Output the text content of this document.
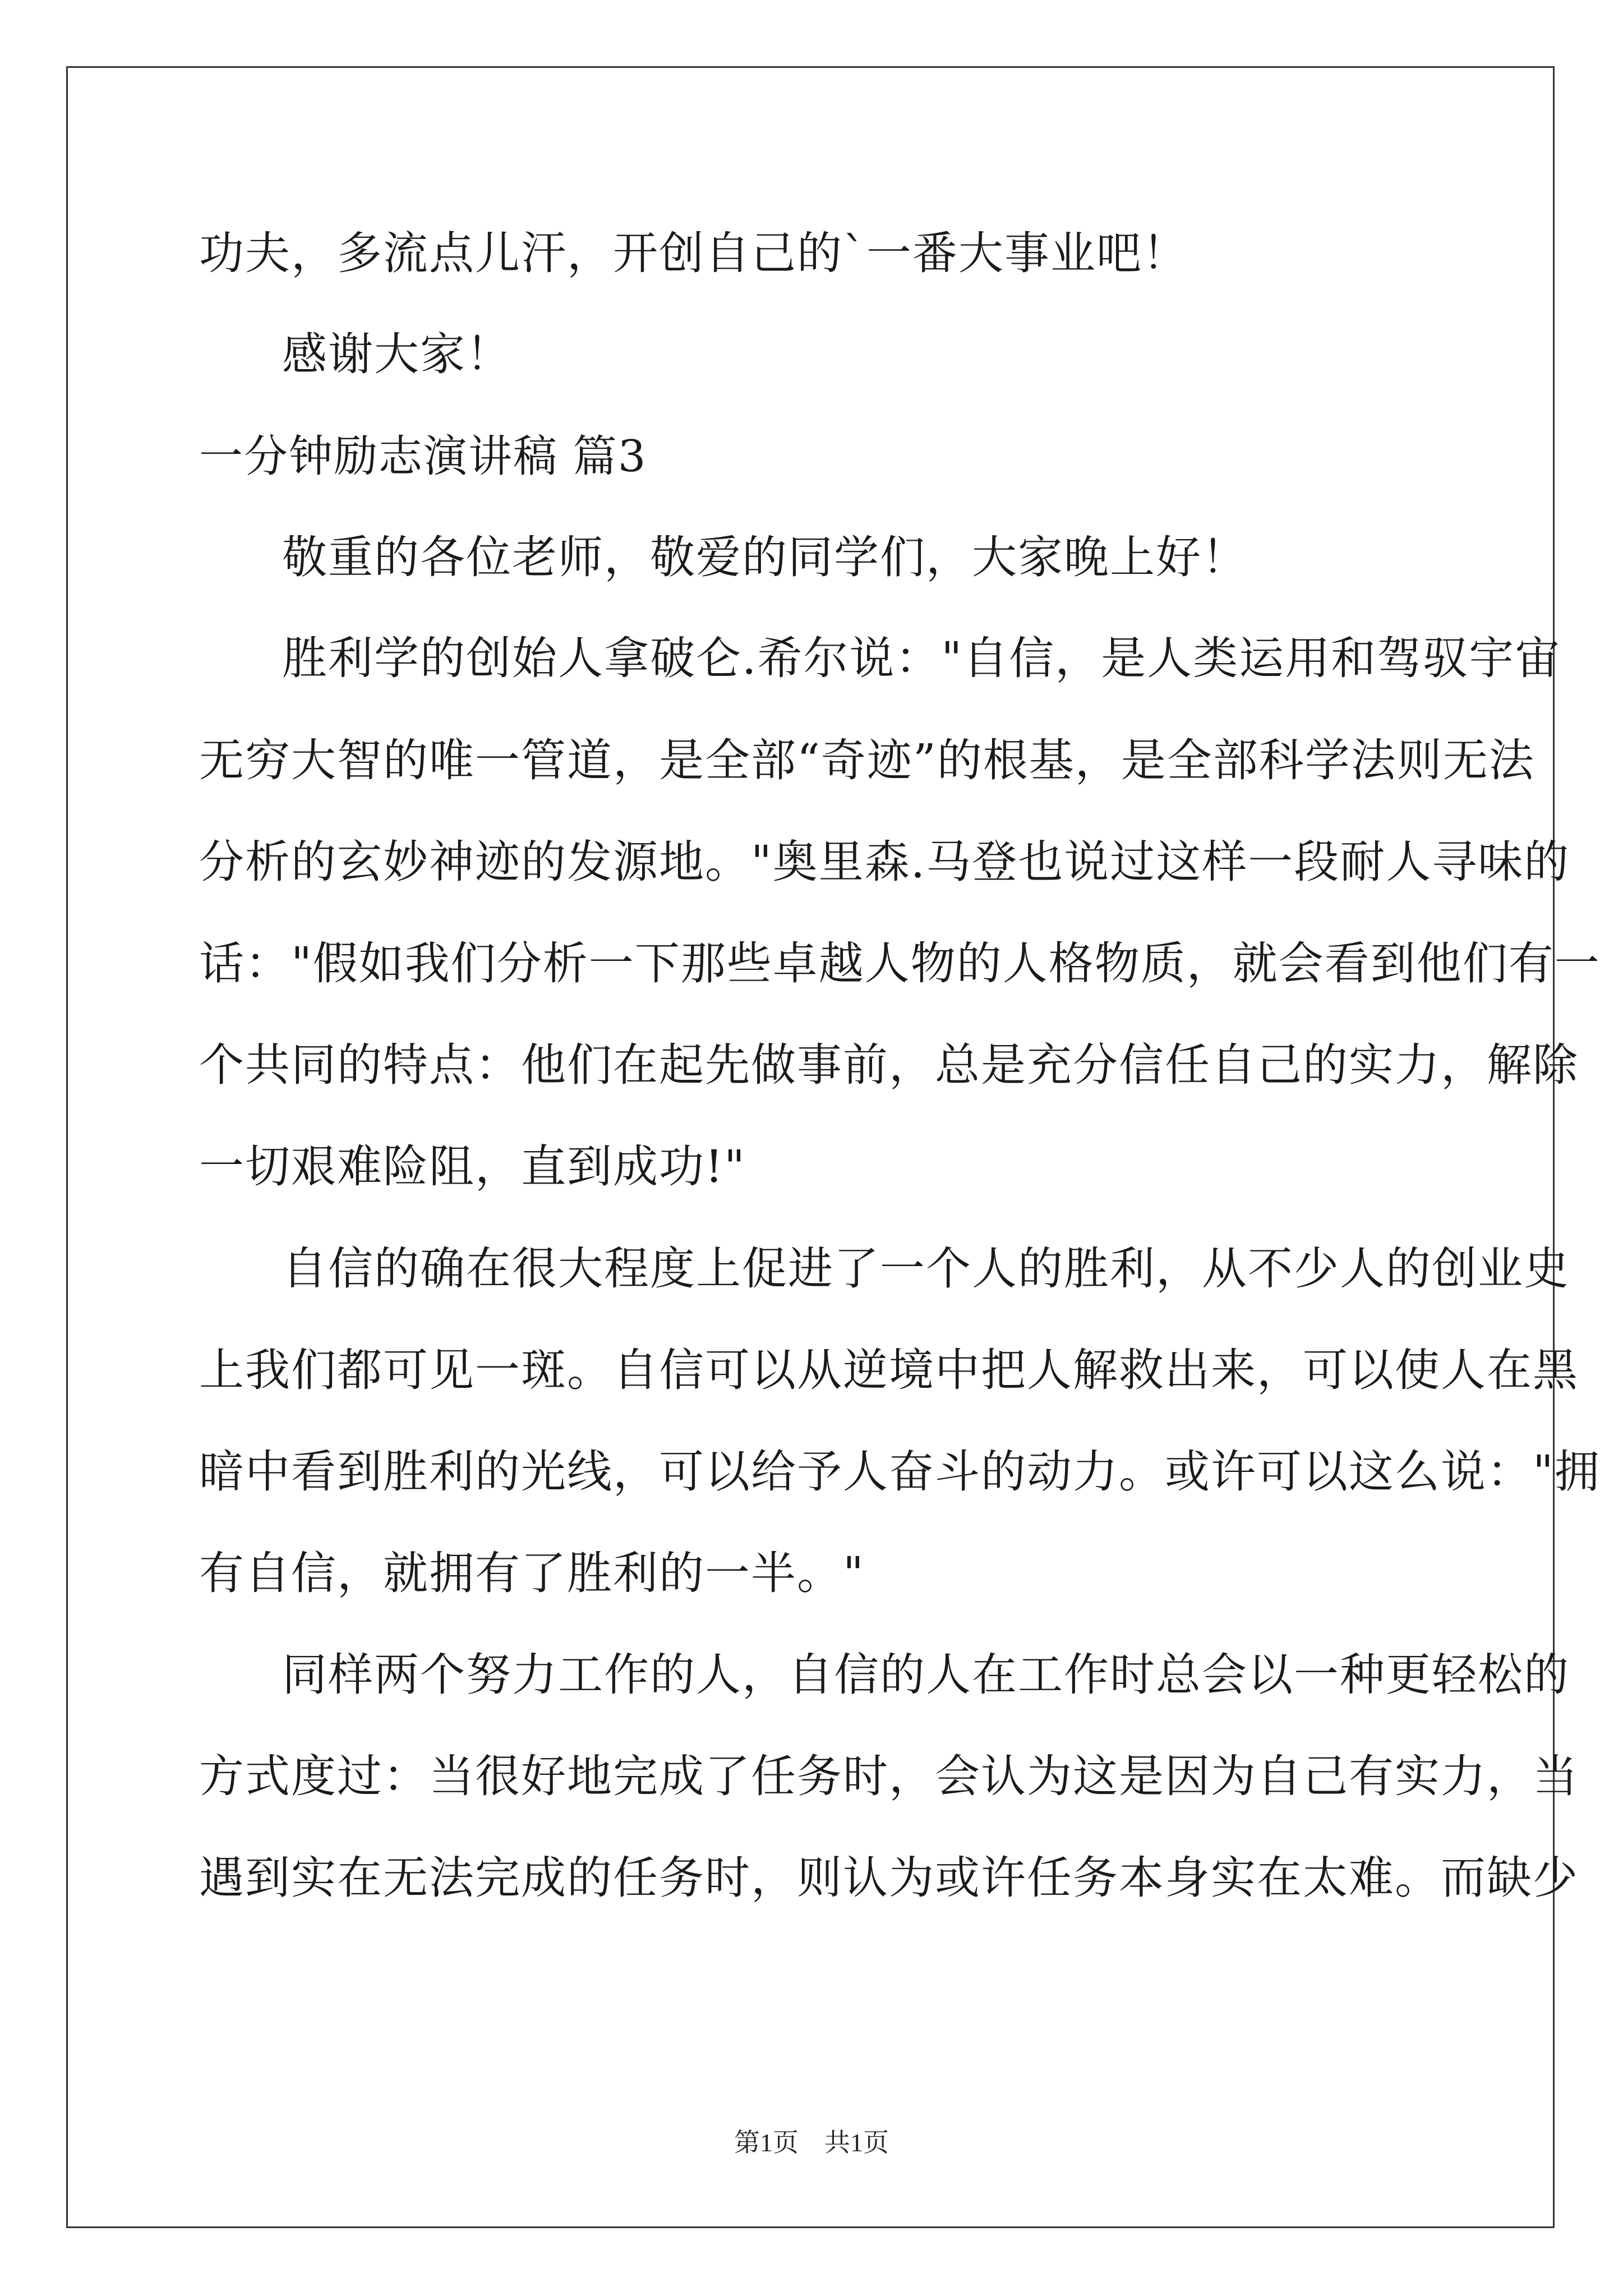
功夫，多流点儿汗，开创自己的`一番大事业吧！
感谢大家！
一分钟励志演讲稿 篇3
敬重的各位老师，敬爱的同学们，大家晚上好！
胜利学的创始人拿破仑.希尔说："自信，是人类运用和驾驭宇宙
无穷大智的唯一管道，是全部“奇迹”的根基，是全部科学法则无法
分析的玄妙神迹的发源地。"奥里森.马登也说过这样一段耐人寻味的
话："假如我们分析一下那些卓越人物的人格物质，就会看到他们有一
个共同的特点：他们在起先做事前，总是充分信任自己的实力，解除
一切艰难险阻，直到成功!"
自信的确在很大程度上促进了一个人的胜利，从不少人的创业史
上我们都可见一斑。自信可以从逆境中把人解救出来，可以使人在黑
暗中看到胜利的光线，可以给予人奋斗的动力。或许可以这么说："拥
有自信，就拥有了胜利的一半。"
同样两个努力工作的人，自信的人在工作时总会以一种更轻松的
方式度过：当很好地完成了任务时，会认为这是因为自己有实力，当
遇到实在无法完成的任务时，则认为或许任务本身实在太难。而缺少
第1页　共1页
